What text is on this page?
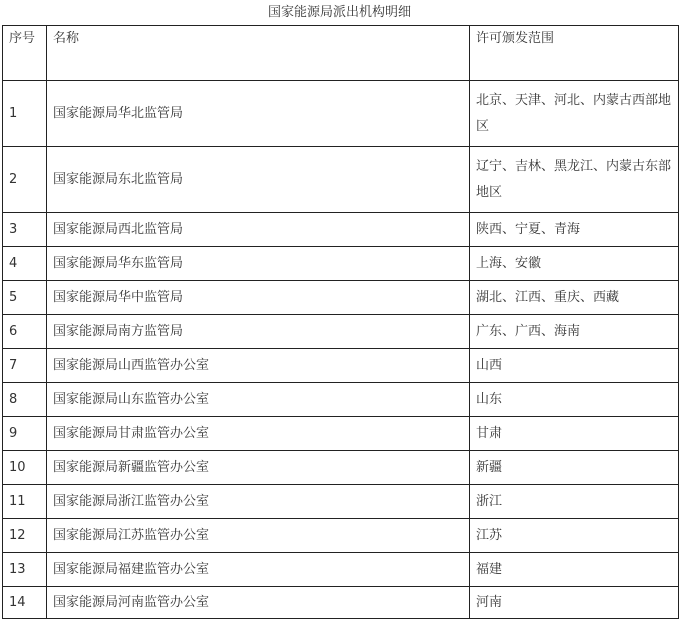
国家能源局派出机构明细
序号	名称	许可颁发范围
1	国家能源局华北监管局	北京、天津、河北、内蒙古西部地区
2	国家能源局东北监管局	辽宁、吉林、黑龙江、内蒙古东部地区
3	国家能源局西北监管局	陕西、宁夏、青海
4	国家能源局华东监管局	上海、安徽
5	国家能源局华中监管局	湖北、江西、重庆、西藏
6	国家能源局南方监管局	广东、广西、海南
7	国家能源局山西监管办公室	山西
8	国家能源局山东监管办公室	山东
9	国家能源局甘肃监管办公室	甘肃
10	国家能源局新疆监管办公室	新疆
11	国家能源局浙江监管办公室	浙江
12	国家能源局江苏监管办公室	江苏
13	国家能源局福建监管办公室	福建
14	国家能源局河南监管办公室	河南
